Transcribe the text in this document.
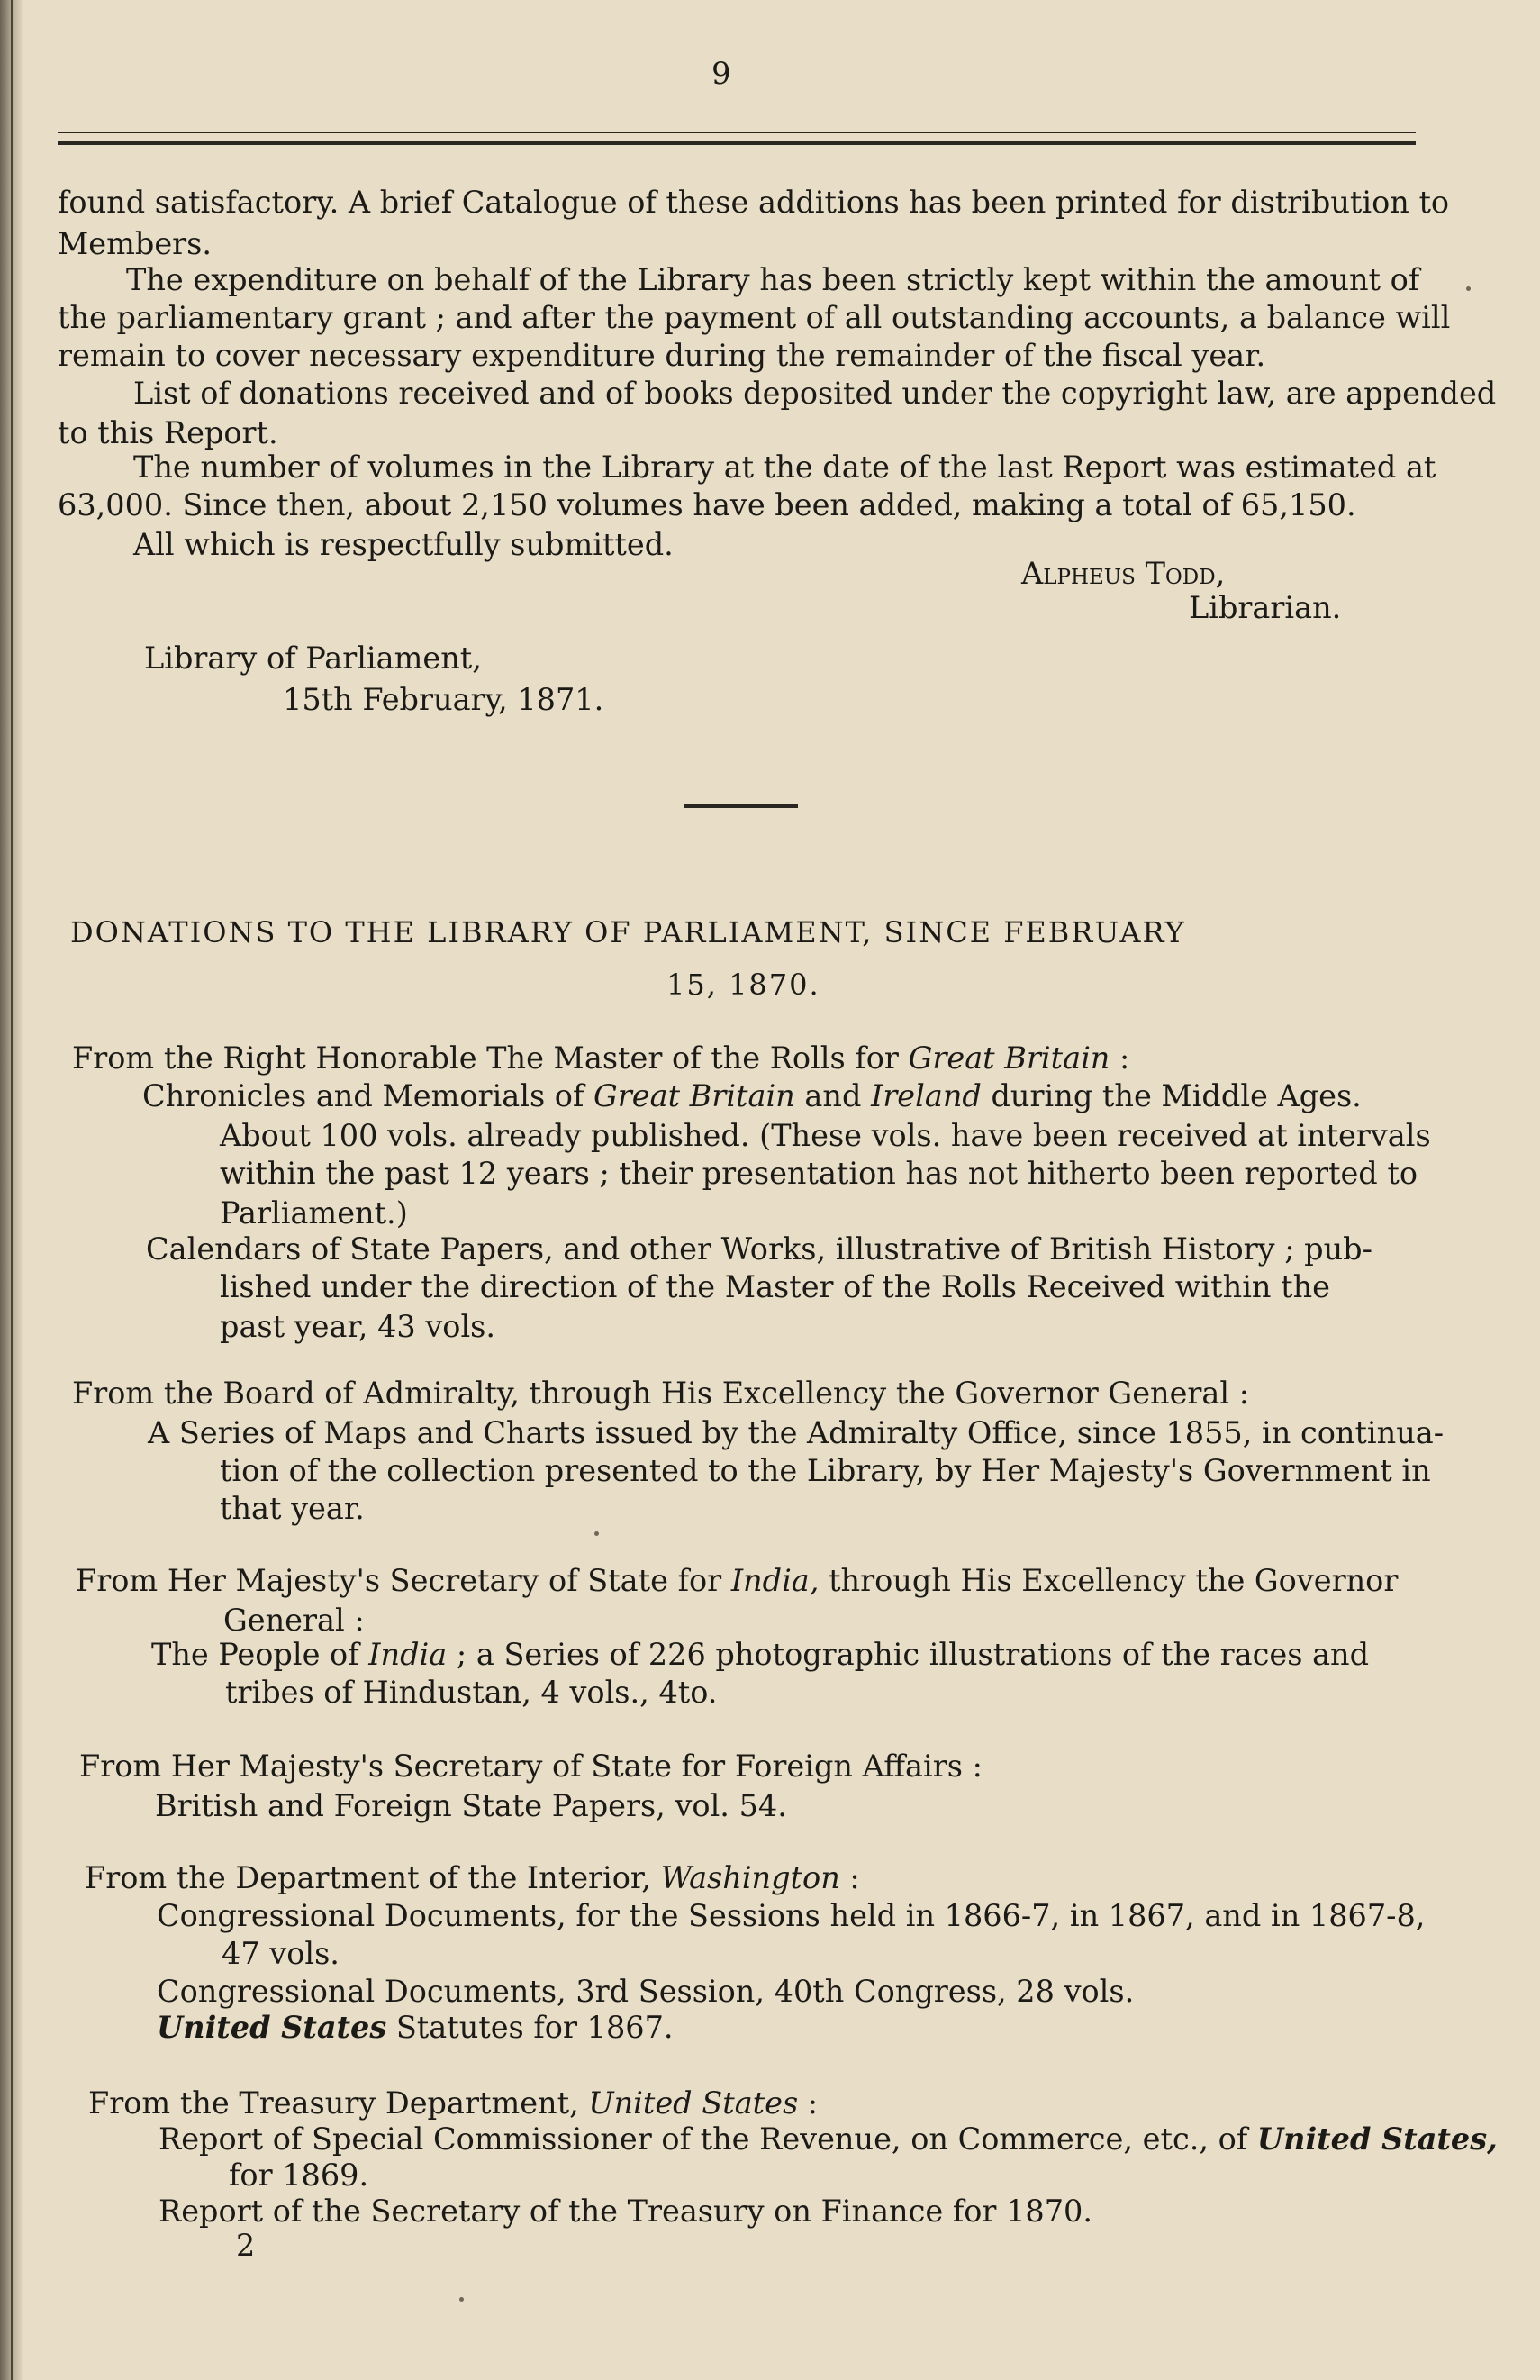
9
found satisfactory. A brief Catalogue of these additions has been printed for distribution to
Members.
The expenditure on behalf of the Library has been strictly kept within the amount of
the parliamentary grant ; and after the payment of all outstanding accounts, a balance will
remain to cover necessary expenditure during the remainder of the fiscal year.
List of donations received and of books deposited under the copyright law, are appended
to this Report.
The number of volumes in the Library at the date of the last Report was estimated at
63,000. Since then, about 2,150 volumes have been added, making a total of 65,150.
All which is respectfully submitted.
Alpheus Todd,
Librarian.
Library of Parliament,
15th February, 1871.
DONATIONS TO THE LIBRARY OF PARLIAMENT, SINCE FEBRUARY
15, 1870.
From the Right Honorable The Master of the Rolls for Great Britain :
Chronicles and Memorials of Great Britain and Ireland during the Middle Ages.
About 100 vols. already published. (These vols. have been received at intervals
within the past 12 years ; their presentation has not hitherto been reported to
Parliament.)
Calendars of State Papers, and other Works, illustrative of British History ; pub-
lished under the direction of the Master of the Rolls Received within the
past year, 43 vols.
From the Board of Admiralty, through His Excellency the Governor General :
A Series of Maps and Charts issued by the Admiralty Office, since 1855, in continua-
tion of the collection presented to the Library, by Her Majesty's Government in
that year.
From Her Majesty's Secretary of State for India, through His Excellency the Governor
General :
The People of India ; a Series of 226 photographic illustrations of the races and
tribes of Hindustan, 4 vols., 4to.
From Her Majesty's Secretary of State for Foreign Affairs :
British and Foreign State Papers, vol. 54.
From the Department of the Interior, Washington :
Congressional Documents, for the Sessions held in 1866-7, in 1867, and in 1867-8,
47 vols.
Congressional Documents, 3rd Session, 40th Congress, 28 vols.
United States Statutes for 1867.
From the Treasury Department, United States :
Report of Special Commissioner of the Revenue, on Commerce, etc., of United States,
for 1869.
Report of the Secretary of the Treasury on Finance for 1870.
2
